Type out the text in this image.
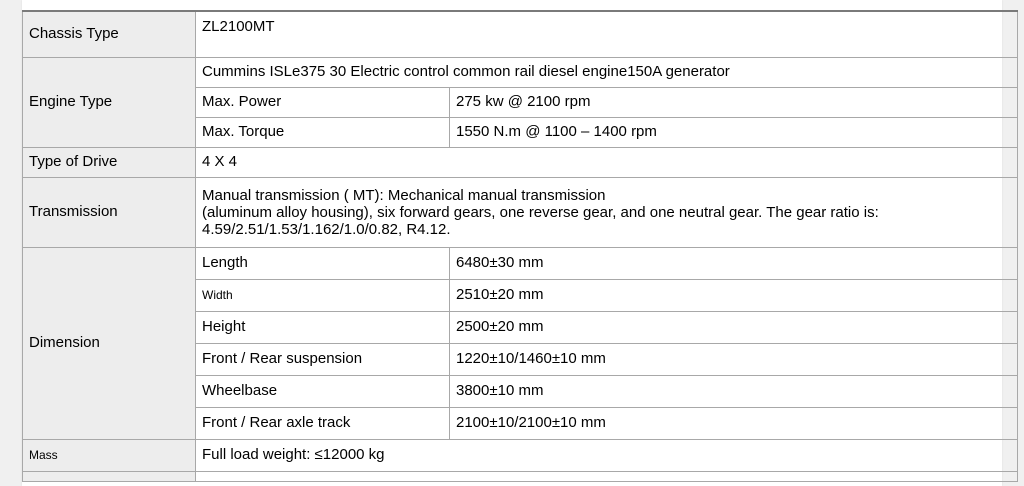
Chassis Type	ZL2100MT	
Engine Type	Cummins ISLe375 30 Electric control common rail diesel engine150A generator	
	Max. Power	275 kw @ 2100 rpm
	Max. Torque	1550 N.m @ 1100 – 1400 rpm
Type of Drive	4 X 4	
Transmission	Manual transmission ( MT): Mechanical manual transmission
(aluminum alloy housing), six forward gears, one reverse gear, and one neutral gear. The gear ratio is:
4.59/2.51/1.53/1.162/1.0/0.82, R4.12.	

Dimension	Length	6480±30 mm
	Width	2510±20 mm
	Height	2500±20 mm
	Front / Rear suspension	1220±10/1460±10 mm
	Wheelbase	3800±10 mm
	Front / Rear axle track	2100±10/2100±10 mm
Mass	Full load weight: ≤12000 kg	
